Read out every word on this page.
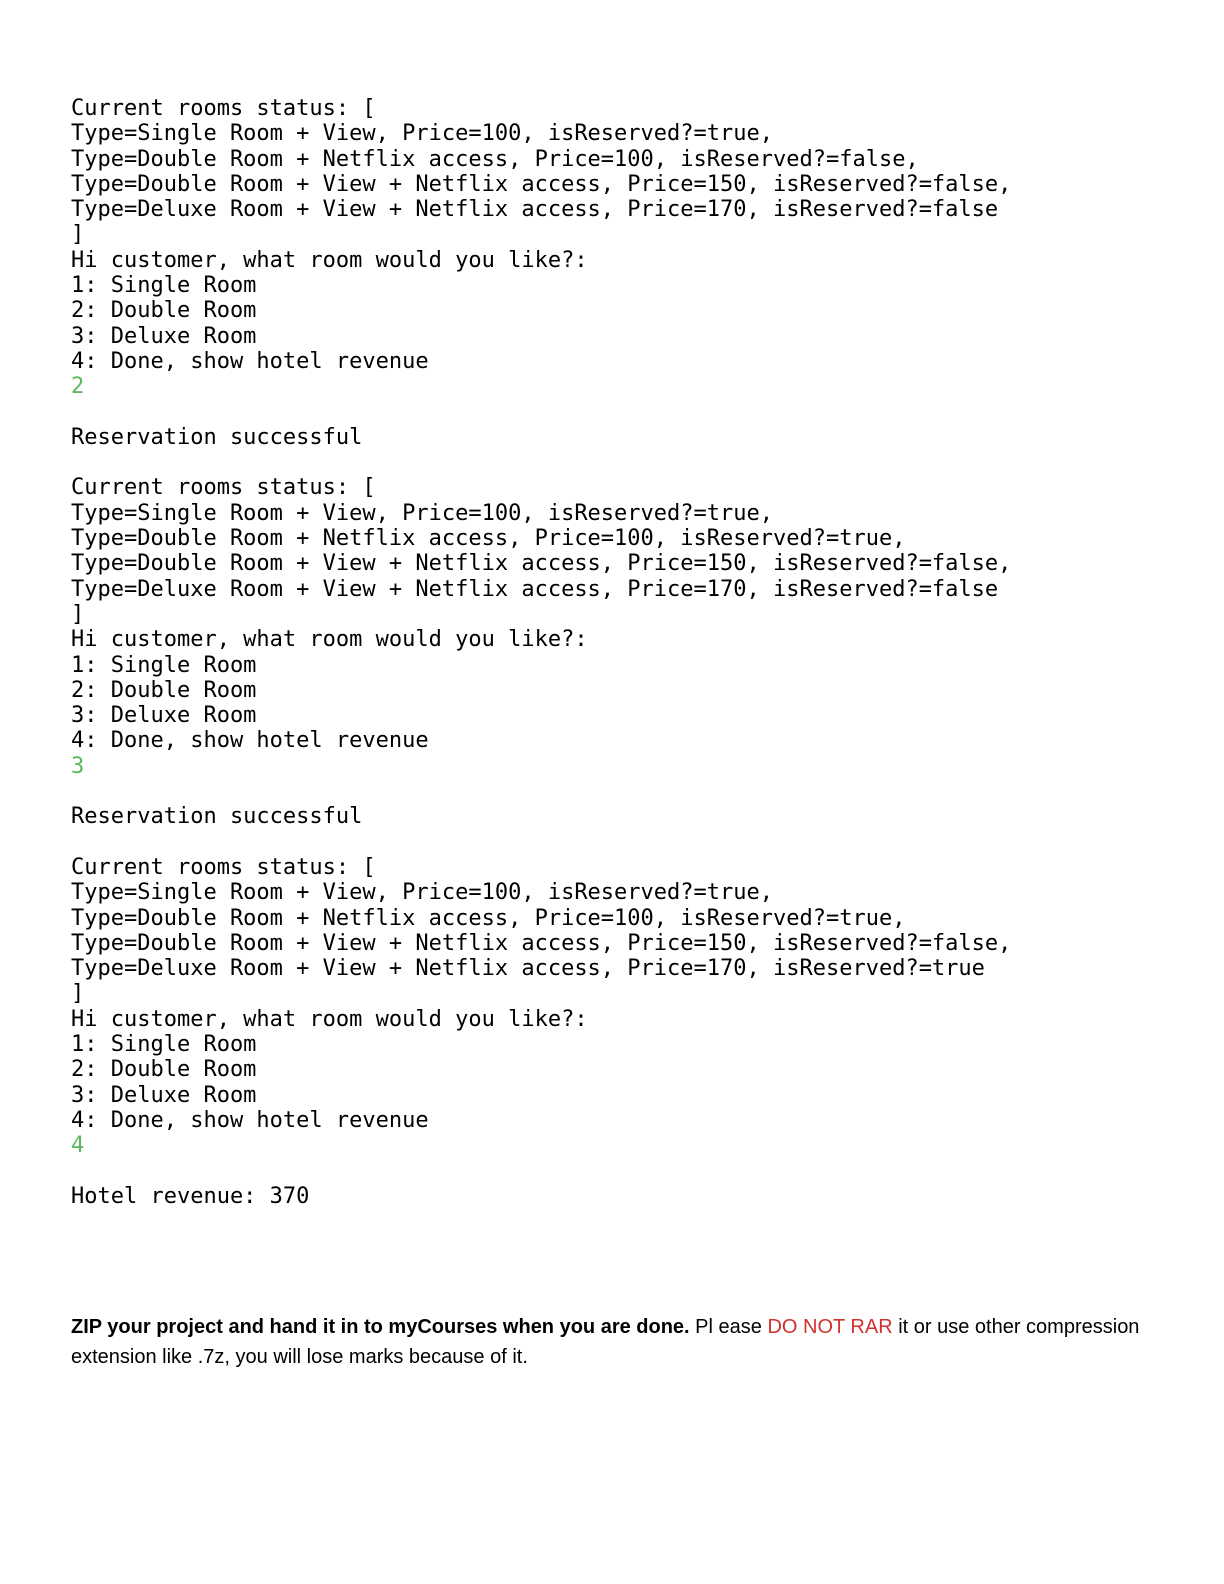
Current rooms status: [
Type=Single Room + View, Price=100, isReserved?=true,
Type=Double Room + Netflix access, Price=100, isReserved?=false,
Type=Double Room + View + Netflix access, Price=150, isReserved?=false,
Type=Deluxe Room + View + Netflix access, Price=170, isReserved?=false
]
Hi customer, what room would you like?:
1: Single Room
2: Double Room
3: Deluxe Room
4: Done, show hotel revenue
2
Reservation successful
Current rooms status: [
Type=Single Room + View, Price=100, isReserved?=true,
Type=Double Room + Netflix access, Price=100, isReserved?=true,
Type=Double Room + View + Netflix access, Price=150, isReserved?=false,
Type=Deluxe Room + View + Netflix access, Price=170, isReserved?=false
]
Hi customer, what room would you like?:
1: Single Room
2: Double Room
3: Deluxe Room
4: Done, show hotel revenue
3
Reservation successful
Current rooms status: [
Type=Single Room + View, Price=100, isReserved?=true,
Type=Double Room + Netflix access, Price=100, isReserved?=true,
Type=Double Room + View + Netflix access, Price=150, isReserved?=false,
Type=Deluxe Room + View + Netflix access, Price=170, isReserved?=true
]
Hi customer, what room would you like?:
1: Single Room
2: Double Room
3: Deluxe Room
4: Done, show hotel revenue
4
Hotel revenue: 370
ZIP your project and hand it in to myCourses when you are done. Pl ease DO NOT RAR it or use other compression extension like .7z, you will lose marks because of it.
